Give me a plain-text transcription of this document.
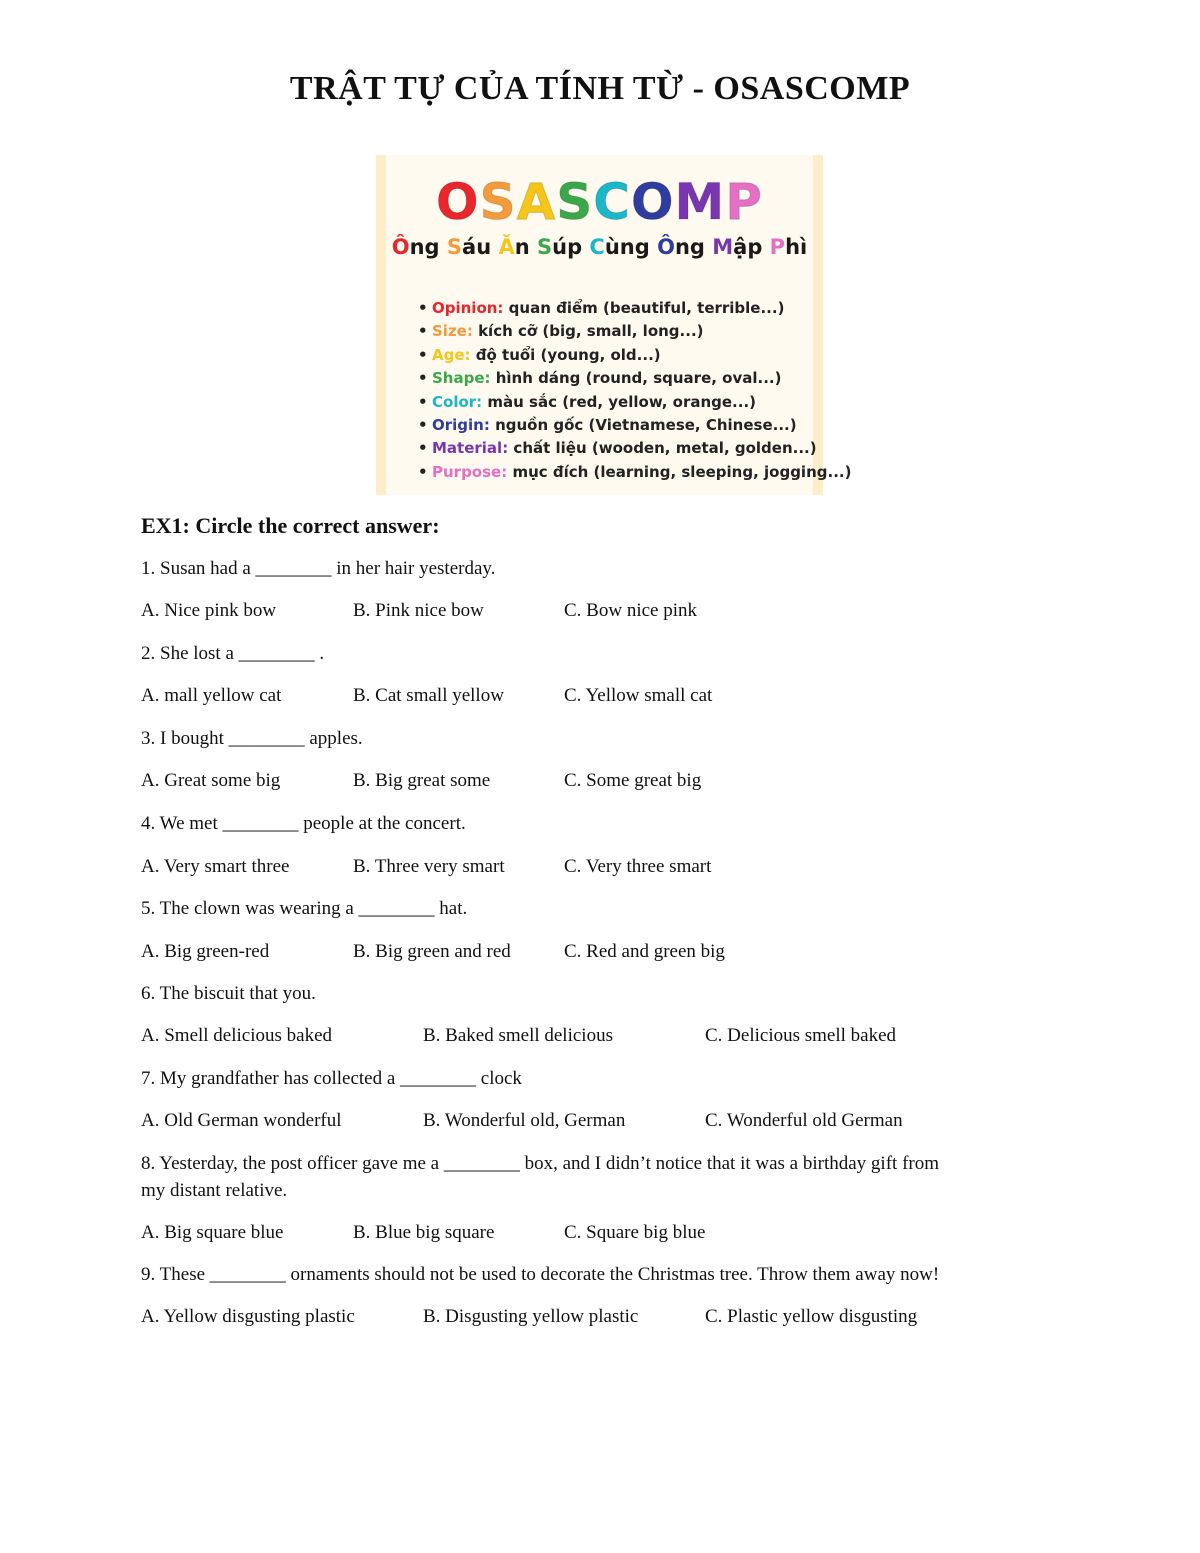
TRẬT TỰ CỦA TÍNH TỪ - OSASCOMP
OSASCOMP
Ông Sáu Ăn Súp Cùng Ông Mập Phì
• Opinion: quan điểm (beautiful, terrible...)
• Size: kích cỡ (big, small, long...)
• Age: độ tuổi (young, old...)
• Shape: hình dáng (round, square, oval...)
• Color: màu sắc (red, yellow, orange...)
• Origin: nguồn gốc (Vietnamese, Chinese...)
• Material: chất liệu (wooden, metal, golden...)
• Purpose: mục đích (learning, sleeping, jogging...)
EX1: Circle the correct answer:
1. Susan had a ________ in her hair yesterday.
A. Nice pink bow	B. Pink nice bow	C. Bow nice pink
2. She lost a ________ .
A. mall yellow cat	B. Cat small yellow	C. Yellow small cat
3. I bought ________ apples.
A. Great some big	B. Big great some	C. Some great big
4. We met ________ people at the concert.
A. Very smart three	B. Three very smart	C. Very three smart
5. The clown was wearing a ________ hat.
A. Big green-red	B. Big green and red	C. Red and green big
6. The biscuit that you.
A. Smell delicious baked	B. Baked smell delicious	C. Delicious smell baked
7. My grandfather has collected a ________ clock
A. Old German wonderful	B. Wonderful old, German	C. Wonderful old German
8. Yesterday, the post officer gave me a ________ box, and I didn’t notice that it was a birthday gift from
my distant relative.
A. Big square blue	B. Blue big square	C. Square big blue
9. These ________ ornaments should not be used to decorate the Christmas tree. Throw them away now!
A. Yellow disgusting plastic	B. Disgusting yellow plastic	C. Plastic yellow disgusting
